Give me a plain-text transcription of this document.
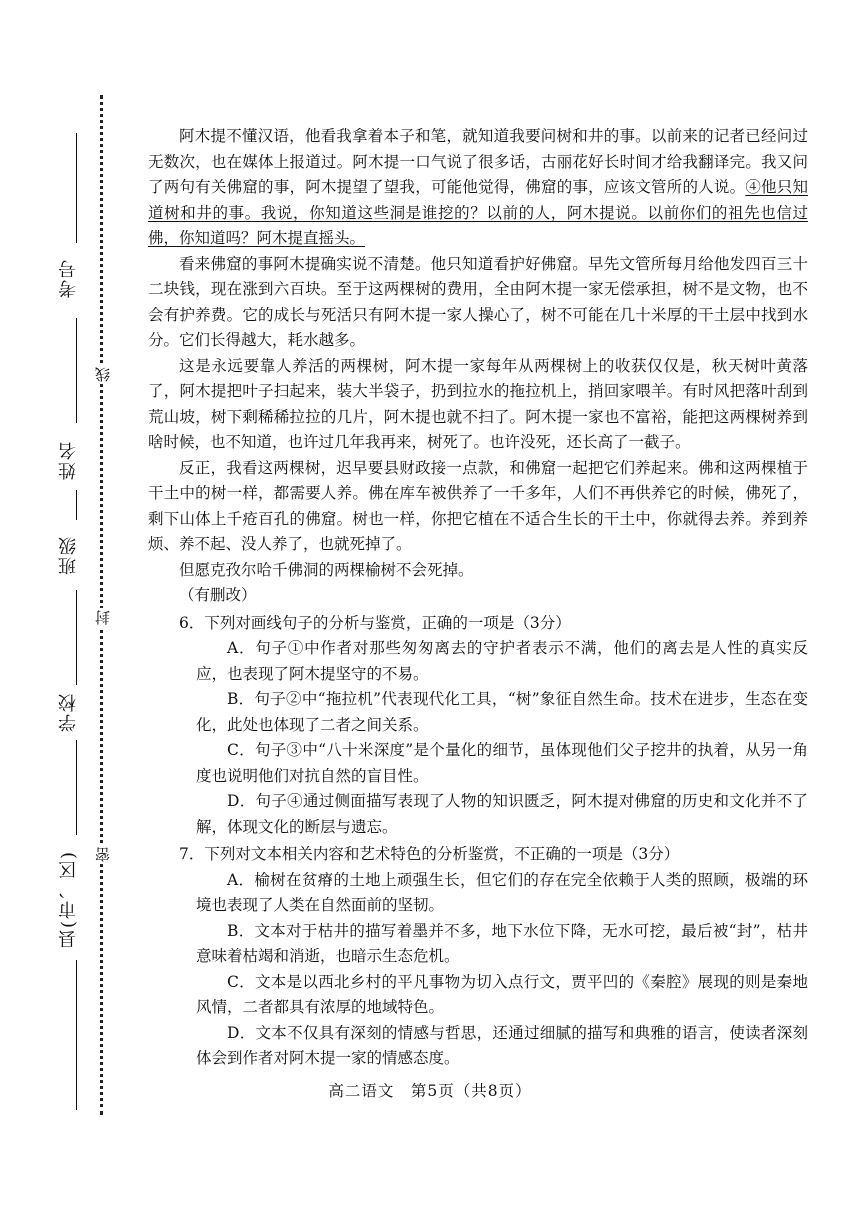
考号
姓名
班级
学校
县(市、区)
线
封
密

阿木提不懂汉语，他看我拿着本子和笔，就知道我要问树和井的事。以前来的记者已经问过无数次，也在媒体上报道过。阿木提一口气说了很多话，古丽花好长时间才给我翻译完。我又问了两句有关佛窟的事，阿木提望了望我，可能他觉得，佛窟的事，应该文管所的人说。④他只知道树和井的事。我说，你知道这些洞是谁挖的？以前的人，阿木提说。以前你们的祖先也信过佛，你知道吗？阿木提直摇头。

看来佛窟的事阿木提确实说不清楚。他只知道看护好佛窟。早先文管所每月给他发四百三十二块钱，现在涨到六百块。至于这两棵树的费用，全由阿木提一家无偿承担，树不是文物，也不会有护养费。它的成长与死活只有阿木提一家人操心了，树不可能在几十米厚的干土层中找到水分。它们长得越大，耗水越多。

这是永远要靠人养活的两棵树，阿木提一家每年从两棵树上的收获仅仅是，秋天树叶黄落了，阿木提把叶子扫起来，装大半袋子，扔到拉水的拖拉机上，捎回家喂羊。有时风把落叶刮到荒山坡，树下剩稀稀拉拉的几片，阿木提也就不扫了。阿木提一家也不富裕，能把这两棵树养到啥时候，也不知道，也许过几年我再来，树死了。也许没死，还长高了一截子。

反正，我看这两棵树，迟早要县财政接一点款，和佛窟一起把它们养起来。佛和这两棵植于干土中的树一样，都需要人养。佛在库车被供养了一千多年，人们不再供养它的时候，佛死了，剩下山体上千疮百孔的佛窟。树也一样，你把它植在不适合生长的干土中，你就得去养。养到养烦、养不起、没人养了，也就死掉了。

但愿克孜尔哈千佛洞的两棵榆树不会死掉。

（有删改）

6．下列对画线句子的分析与鉴赏，正确的一项是（3分）

A．句子①中作者对那些匆匆离去的守护者表示不满，他们的离去是人性的真实反应，也表现了阿木提坚守的不易。

B．句子②中“拖拉机”代表现代化工具，“树”象征自然生命。技术在进步，生态在变化，此处也体现了二者之间关系。

C．句子③中“八十米深度”是个量化的细节，虽体现他们父子挖井的执着，从另一角度也说明他们对抗自然的盲目性。

D．句子④通过侧面描写表现了人物的知识匮乏，阿木提对佛窟的历史和文化并不了解，体现文化的断层与遗忘。

7．下列对文本相关内容和艺术特色的分析鉴赏，不正确的一项是（3分）

A．榆树在贫瘠的土地上顽强生长，但它们的存在完全依赖于人类的照顾，极端的环境也表现了人类在自然面前的坚韧。

B．文本对于枯井的描写着墨并不多，地下水位下降，无水可挖，最后被“封”，枯井意味着枯竭和消逝，也暗示生态危机。

C．文本是以西北乡村的平凡事物为切入点行文，贾平凹的《秦腔》展现的则是秦地风情，二者都具有浓厚的地域特色。

D．文本不仅具有深刻的情感与哲思，还通过细腻的描写和典雅的语言，使读者深刻体会到作者对阿木提一家的情感态度。

高二语文　第5页（共8页）
